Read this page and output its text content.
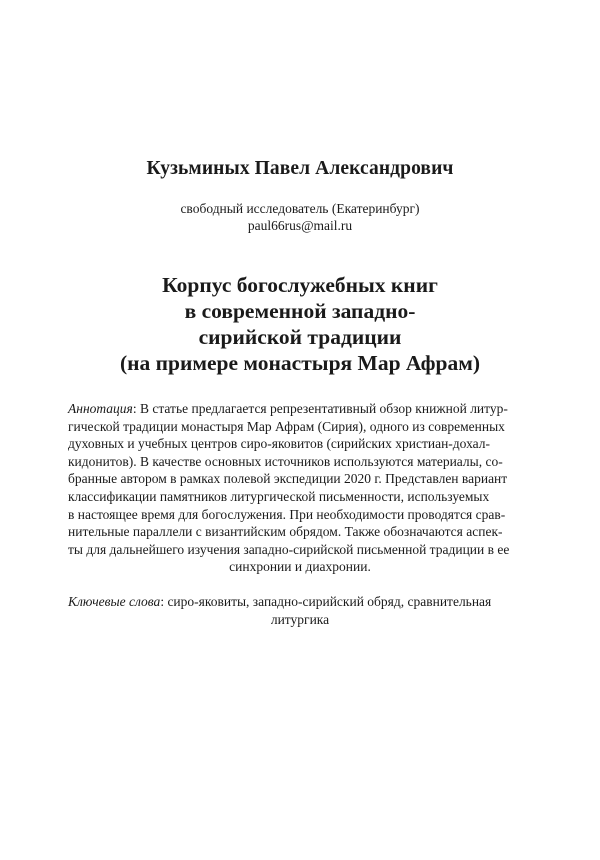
Кузьминых Павел Александрович
свободный исследователь (Екатеринбург)
paul66rus@mail.ru
Корпус богослужебных книг
в современной западно-
сирийской традиции
(на примере монастыря Мар Афрам)
Аннотация: В статье предлагается репрезентативный обзор книжной литур-
гической традиции монастыря Мар Афрам (Сирия), одного из современных
духовных и учебных центров сиро-яковитов (сирийских христиан-дохал-
кидонитов). В качестве основных источников используются материалы, со-
бранные автором в рамках полевой экспедиции 2020 г. Представлен вариант
классификации памятников литургической письменности, используемых
в настоящее время для богослужения. При необходимости проводятся срав-
нительные параллели с византийским обрядом. Также обозначаются аспек-
ты для дальнейшего изучения западно-сирийской письменной традиции в ее
синхронии и диахронии.
Ключевые слова: сиро-яковиты, западно-сирийский обряд, сравнительная
литургика
